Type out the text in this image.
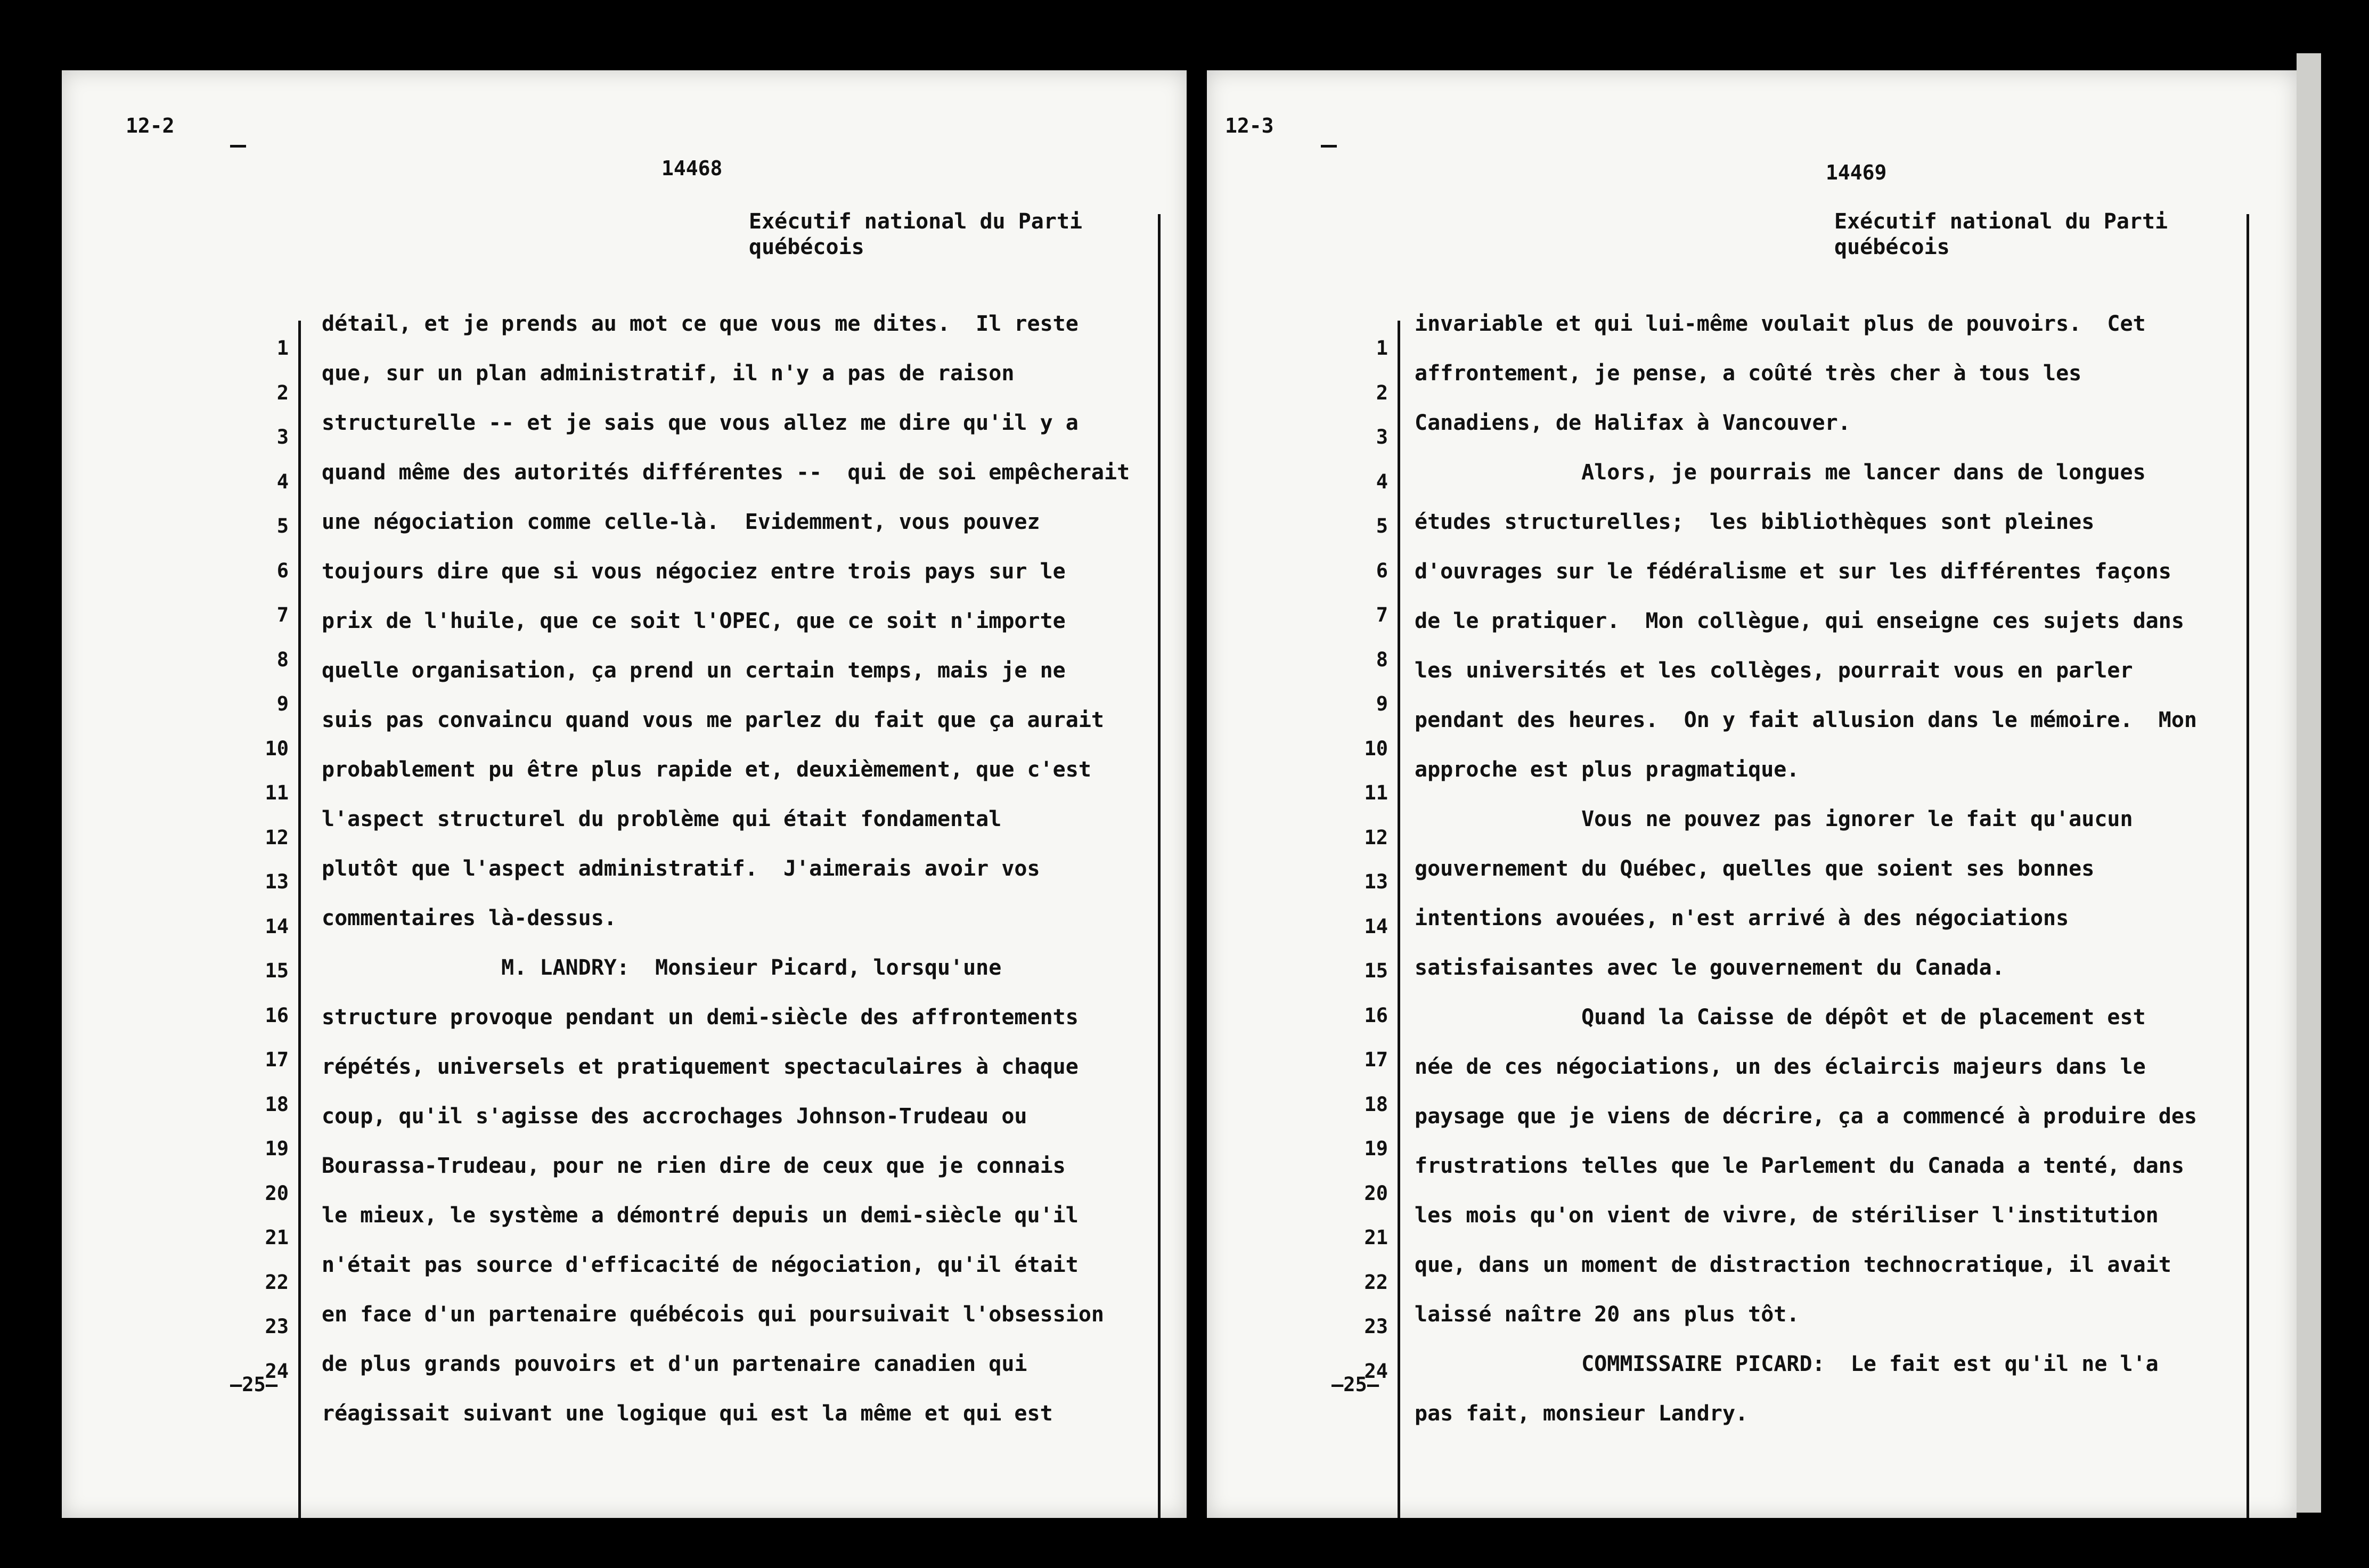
12-2
14468
Exécutif national du Parti
québécois
1
2
3
4
5
6
7
8
9
10
11
12
13
14
15
16
17
18
19
20
21
22
23
24
—25—
détail, et je prends au mot ce que vous me dites.  Il reste
que, sur un plan administratif, il n'y a pas de raison
structurelle -- et je sais que vous allez me dire qu'il y a
quand même des autorités différentes --  qui de soi empêcherait
une négociation comme celle-là.  Evidemment, vous pouvez
toujours dire que si vous négociez entre trois pays sur le
prix de l'huile, que ce soit l'OPEC, que ce soit n'importe
quelle organisation, ça prend un certain temps, mais je ne
suis pas convaincu quand vous me parlez du fait que ça aurait
probablement pu être plus rapide et, deuxièmement, que c'est
l'aspect structurel du problème qui était fondamental
plutôt que l'aspect administratif.  J'aimerais avoir vos
commentaires là-dessus.
M. LANDRY:  Monsieur Picard, lorsqu'une
structure provoque pendant un demi-siècle des affrontements
répétés, universels et pratiquement spectaculaires à chaque
coup, qu'il s'agisse des accrochages Johnson-Trudeau ou
Bourassa-Trudeau, pour ne rien dire de ceux que je connais
le mieux, le système a démontré depuis un demi-siècle qu'il
n'était pas source d'efficacité de négociation, qu'il était
en face d'un partenaire québécois qui poursuivait l'obsession
de plus grands pouvoirs et d'un partenaire canadien qui
réagissait suivant une logique qui est la même et qui est
12-3
14469
Exécutif national du Parti
québécois
1
2
3
4
5
6
7
8
9
10
11
12
13
14
15
16
17
18
19
20
21
22
23
24
—25—
invariable et qui lui-même voulait plus de pouvoirs.  Cet
affrontement, je pense, a coûté très cher à tous les
Canadiens, de Halifax à Vancouver.
Alors, je pourrais me lancer dans de longues
études structurelles;  les bibliothèques sont pleines
d'ouvrages sur le fédéralisme et sur les différentes façons
de le pratiquer.  Mon collègue, qui enseigne ces sujets dans
les universités et les collèges, pourrait vous en parler
pendant des heures.  On y fait allusion dans le mémoire.  Mon
approche est plus pragmatique.
Vous ne pouvez pas ignorer le fait qu'aucun
gouvernement du Québec, quelles que soient ses bonnes
intentions avouées, n'est arrivé à des négociations
satisfaisantes avec le gouvernement du Canada.
Quand la Caisse de dépôt et de placement est
née de ces négociations, un des éclaircis majeurs dans le
paysage que je viens de décrire, ça a commencé à produire des
frustrations telles que le Parlement du Canada a tenté, dans
les mois qu'on vient de vivre, de stériliser l'institution
que, dans un moment de distraction technocratique, il avait
laissé naître 20 ans plus tôt.
COMMISSAIRE PICARD:  Le fait est qu'il ne l'a
pas fait, monsieur Landry.
